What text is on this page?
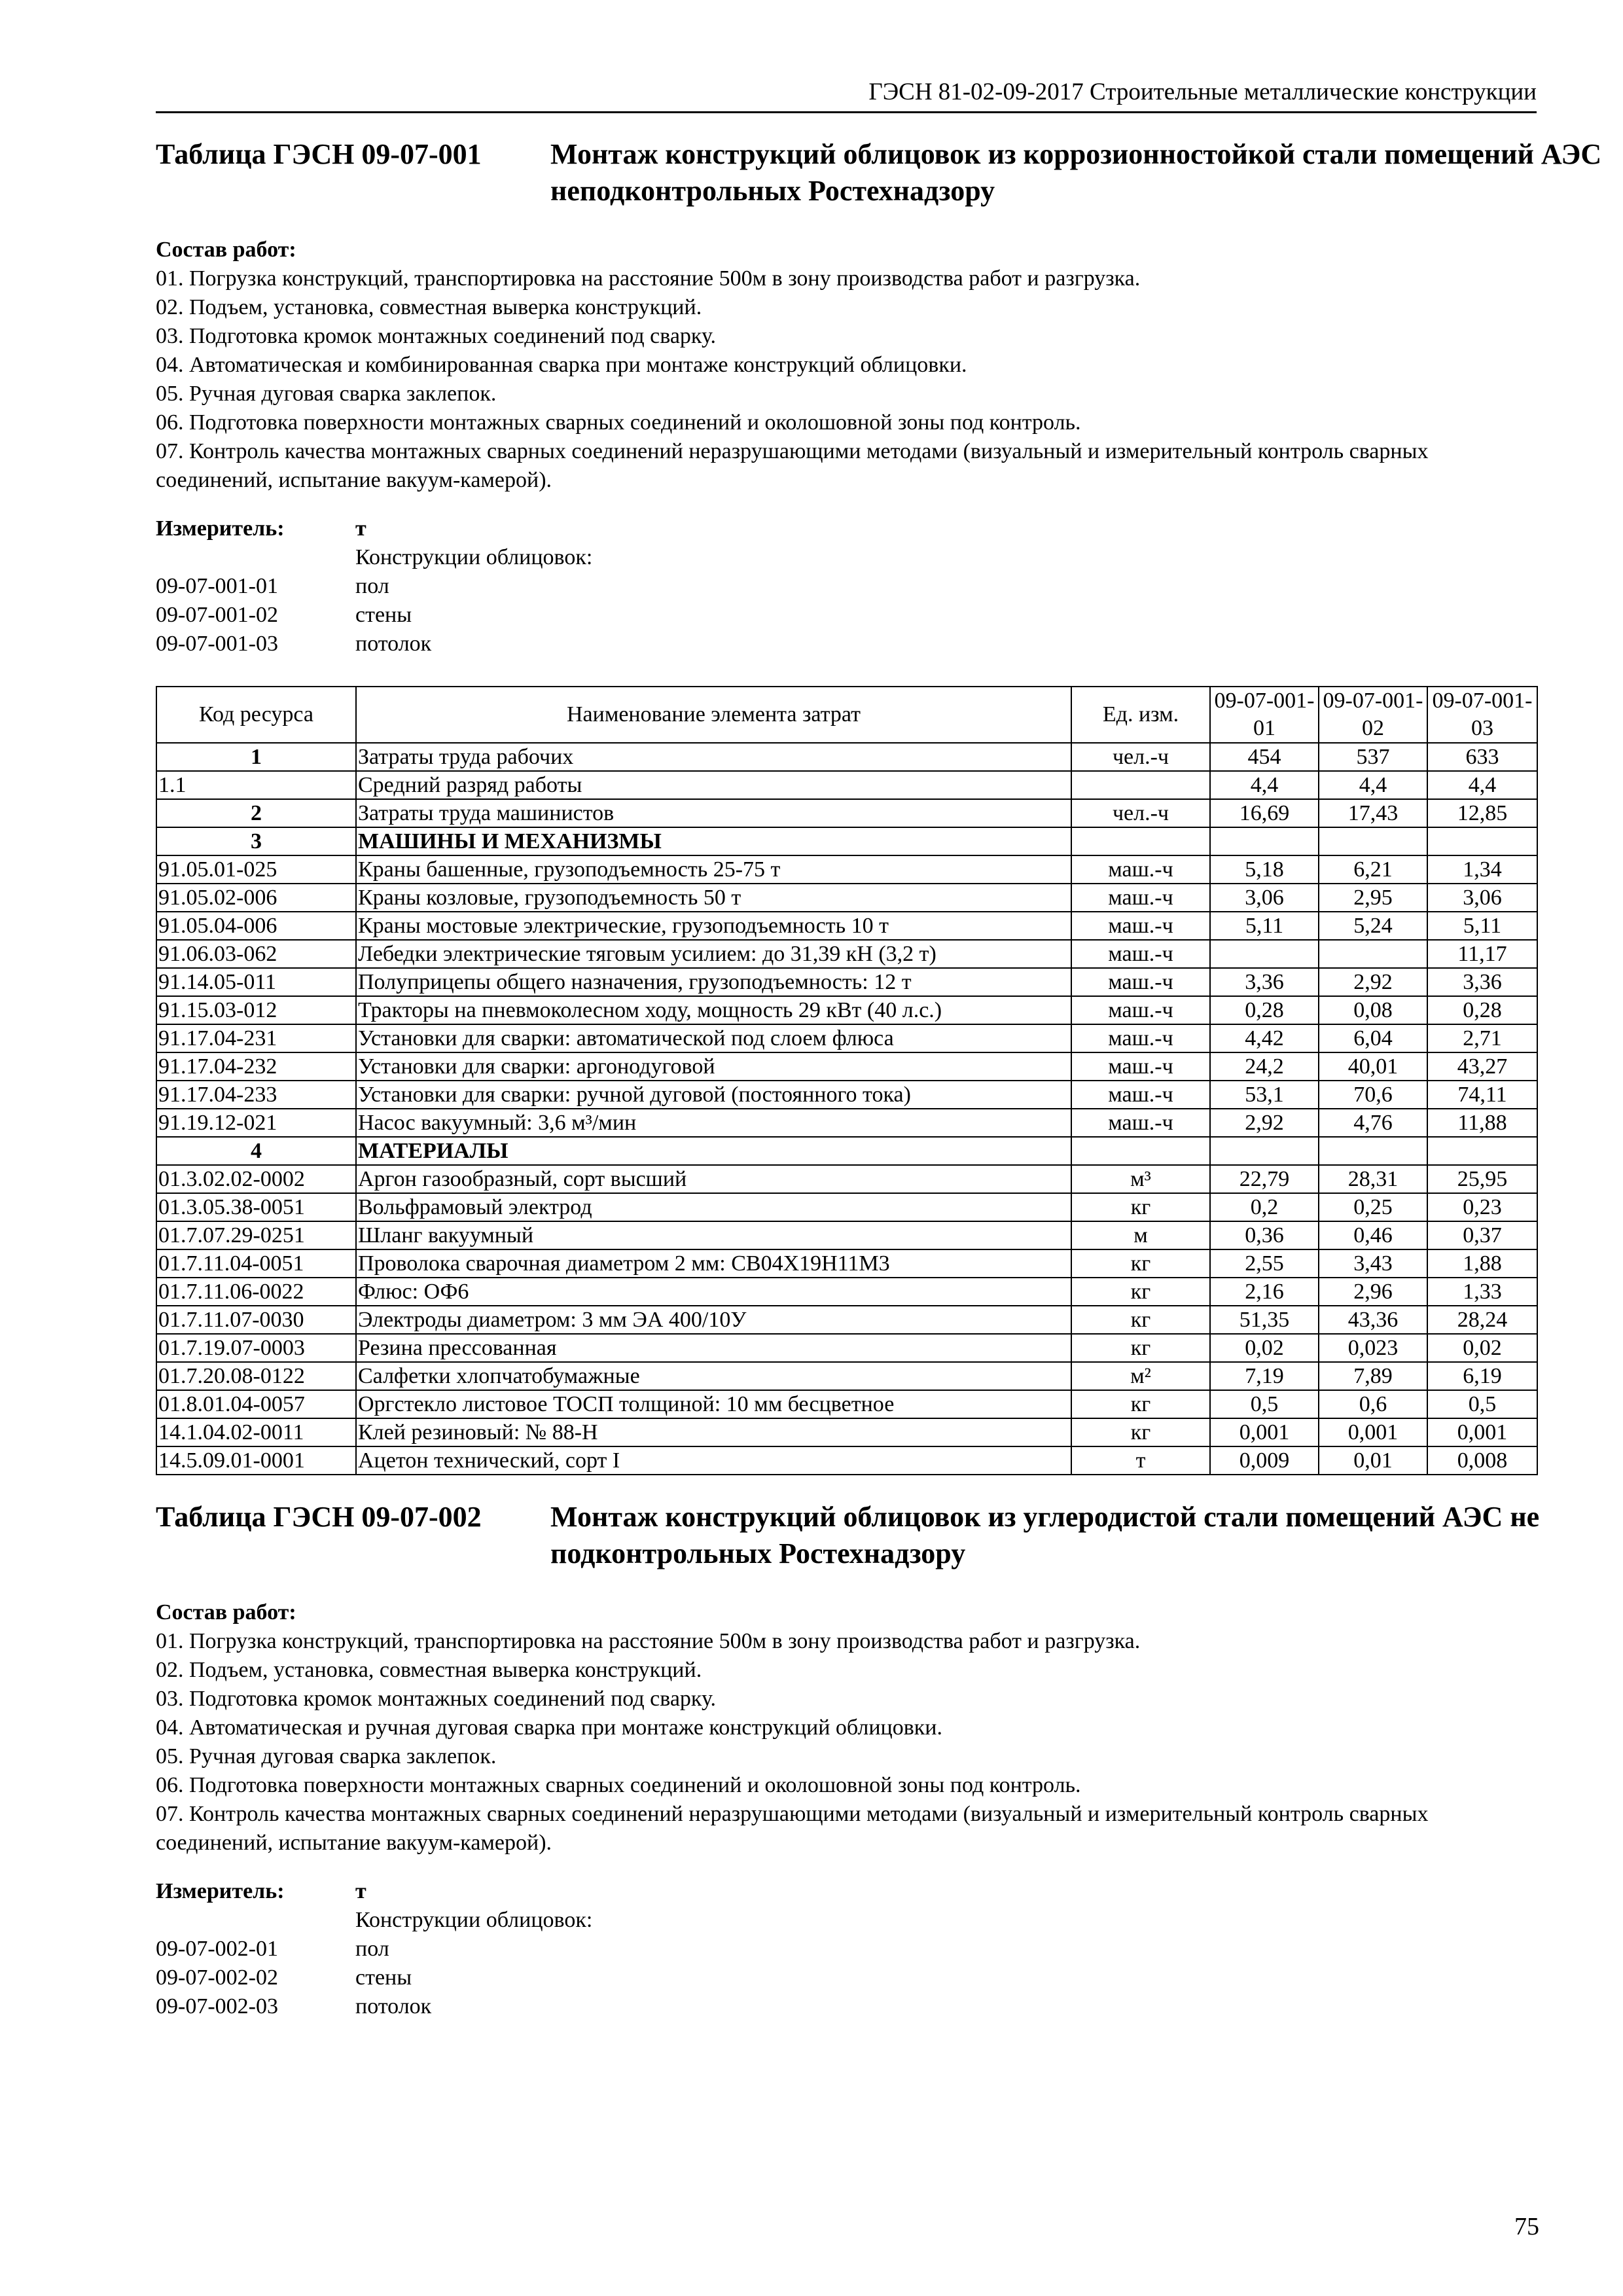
ГЭСН 81-02-09-2017 Строительные металлические конструкции
Таблица ГЭСН 09-07-001 Монтаж конструкций облицовок из коррозионностойкой стали помещений АЭС неподконтрольных Ростехнадзору
Состав работ:
01. Погрузка конструкций, транспортировка на расстояние 500м в зону производства работ и разгрузка.
02. Подъем, установка, совместная выверка конструкций.
03. Подготовка кромок монтажных соединений под сварку.
04. Автоматическая и комбинированная сварка при монтаже конструкций облицовки.
05. Ручная дуговая сварка заклепок.
06. Подготовка поверхности монтажных сварных соединений и околошовной зоны под контроль.
07. Контроль качества монтажных сварных соединений неразрушающими методами (визуальный и измерительный контроль сварных соединений, испытание вакуум-камерой).
Измеритель:	т
Конструкции облицовок:
09-07-001-01	пол
09-07-001-02	стены
09-07-001-03	потолок
Код ресурса	Наименование элемента затрат	Ед. изм.	09-07-001-01	09-07-001-02	09-07-001-03
1	Затраты труда рабочих	чел.-ч	454	537	633
1.1	Средний разряд работы		4,4	4,4	4,4
2	Затраты труда машинистов	чел.-ч	16,69	17,43	12,85
3	МАШИНЫ И МЕХАНИЗМЫ				
91.05.01-025	Краны башенные, грузоподъемность 25-75 т	маш.-ч	5,18	6,21	1,34
91.05.02-006	Краны козловые, грузоподъемность 50 т	маш.-ч	3,06	2,95	3,06
91.05.04-006	Краны мостовые электрические, грузоподъемность 10 т	маш.-ч	5,11	5,24	5,11
91.06.03-062	Лебедки электрические тяговым усилием: до 31,39 кН (3,2 т)	маш.-ч			11,17
91.14.05-011	Полуприцепы общего назначения, грузоподъемность: 12 т	маш.-ч	3,36	2,92	3,36
91.15.03-012	Тракторы на пневмоколесном ходу, мощность 29 кВт (40 л.с.)	маш.-ч	0,28	0,08	0,28
91.17.04-231	Установки для сварки: автоматической под слоем флюса	маш.-ч	4,42	6,04	2,71
91.17.04-232	Установки для сварки: аргонодуговой	маш.-ч	24,2	40,01	43,27
91.17.04-233	Установки для сварки: ручной дуговой (постоянного тока)	маш.-ч	53,1	70,6	74,11
91.19.12-021	Насос вакуумный: 3,6 м³/мин	маш.-ч	2,92	4,76	11,88
4	МАТЕРИАЛЫ				
01.3.02.02-0002	Аргон газообразный, сорт высший	м³	22,79	28,31	25,95
01.3.05.38-0051	Вольфрамовый электрод	кг	0,2	0,25	0,23
01.7.07.29-0251	Шланг вакуумный	м	0,36	0,46	0,37
01.7.11.04-0051	Проволока сварочная диаметром 2 мм: СВ04Х19Н11М3	кг	2,55	3,43	1,88
01.7.11.06-0022	Флюс: ОФ6	кг	2,16	2,96	1,33
01.7.11.07-0030	Электроды диаметром: 3 мм ЭА 400/10У	кг	51,35	43,36	28,24
01.7.19.07-0003	Резина прессованная	кг	0,02	0,023	0,02
01.7.20.08-0122	Салфетки хлопчатобумажные	м²	7,19	7,89	6,19
01.8.01.04-0057	Оргстекло листовое ТОСП толщиной: 10 мм бесцветное	кг	0,5	0,6	0,5
14.1.04.02-0011	Клей резиновый: № 88-Н	кг	0,001	0,001	0,001
14.5.09.01-0001	Ацетон технический, сорт I	т	0,009	0,01	0,008
Таблица ГЭСН 09-07-002 Монтаж конструкций облицовок из углеродистой стали помещений АЭС не подконтрольных Ростехнадзору
Состав работ:
01. Погрузка конструкций, транспортировка на расстояние 500м в зону производства работ и разгрузка.
02. Подъем, установка, совместная выверка конструкций.
03. Подготовка кромок монтажных соединений под сварку.
04. Автоматическая и ручная дуговая сварка при монтаже конструкций облицовки.
05. Ручная дуговая сварка заклепок.
06. Подготовка поверхности монтажных сварных соединений и околошовной зоны под контроль.
07. Контроль качества монтажных сварных соединений неразрушающими методами (визуальный и измерительный контроль сварных соединений, испытание вакуум-камерой).
Измеритель:	т
Конструкции облицовок:
09-07-002-01	пол
09-07-002-02	стены
09-07-002-03	потолок
75
